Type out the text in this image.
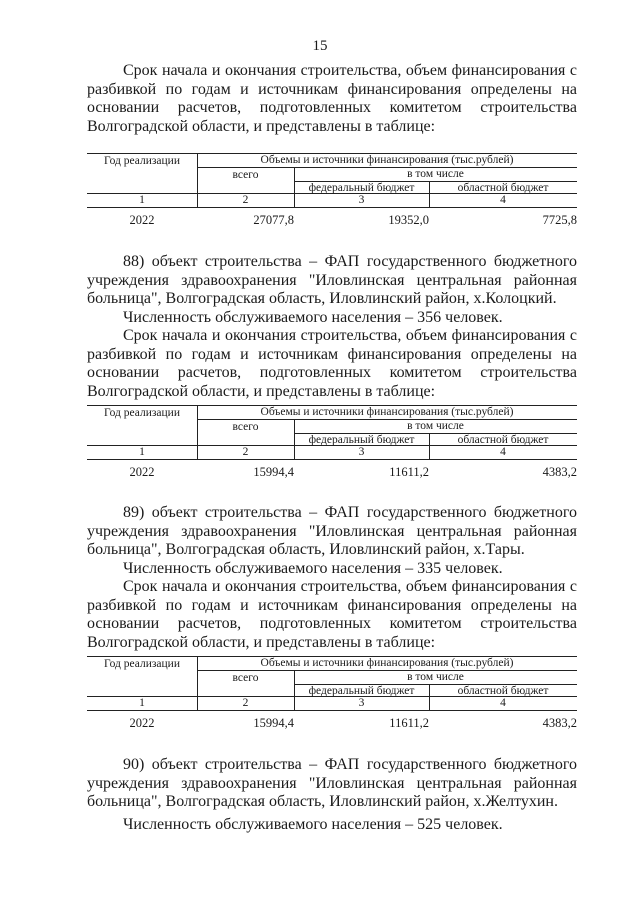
15

Срок начала и окончания строительства, объем финансирования с разбивкой по годам и источникам финансирования определены на основании расчетов, подготовленных комитетом строительства Волгоградской области, и представлены в таблице:

Год реализации	Объемы и источники финансирования (тыс.рублей)
всего	в том числе
федеральный бюджет	областной бюджет
1	2	3	4
2022	27077,8	19352,0	7725,8

88) объект строительства – ФАП государственного бюджетного учреждения здравоохранения "Иловлинская центральная районная больница", Волгоградская область, Иловлинский район, х.Колоцкий.

Численность обслуживаемого населения – 356 человек.

Срок начала и окончания строительства, объем финансирования с разбивкой по годам и источникам финансирования определены на основании расчетов, подготовленных комитетом строительства Волгоградской области, и представлены в таблице:

Год реализации	Объемы и источники финансирования (тыс.рублей)
всего	в том числе
федеральный бюджет	областной бюджет
1	2	3	4
2022	15994,4	11611,2	4383,2

89) объект строительства – ФАП государственного бюджетного учреждения здравоохранения "Иловлинская центральная районная больница", Волгоградская область, Иловлинский район, х.Тары.

Численность обслуживаемого населения – 335 человек.

Срок начала и окончания строительства, объем финансирования с разбивкой по годам и источникам финансирования определены на основании расчетов, подготовленных комитетом строительства Волгоградской области, и представлены в таблице:

Год реализации	Объемы и источники финансирования (тыс.рублей)
всего	в том числе
федеральный бюджет	областной бюджет
1	2	3	4
2022	15994,4	11611,2	4383,2

90) объект строительства – ФАП государственного бюджетного учреждения здравоохранения "Иловлинская центральная районная больница", Волгоградская область, Иловлинский район, х.Желтухин.

Численность обслуживаемого населения – 525 человек.
